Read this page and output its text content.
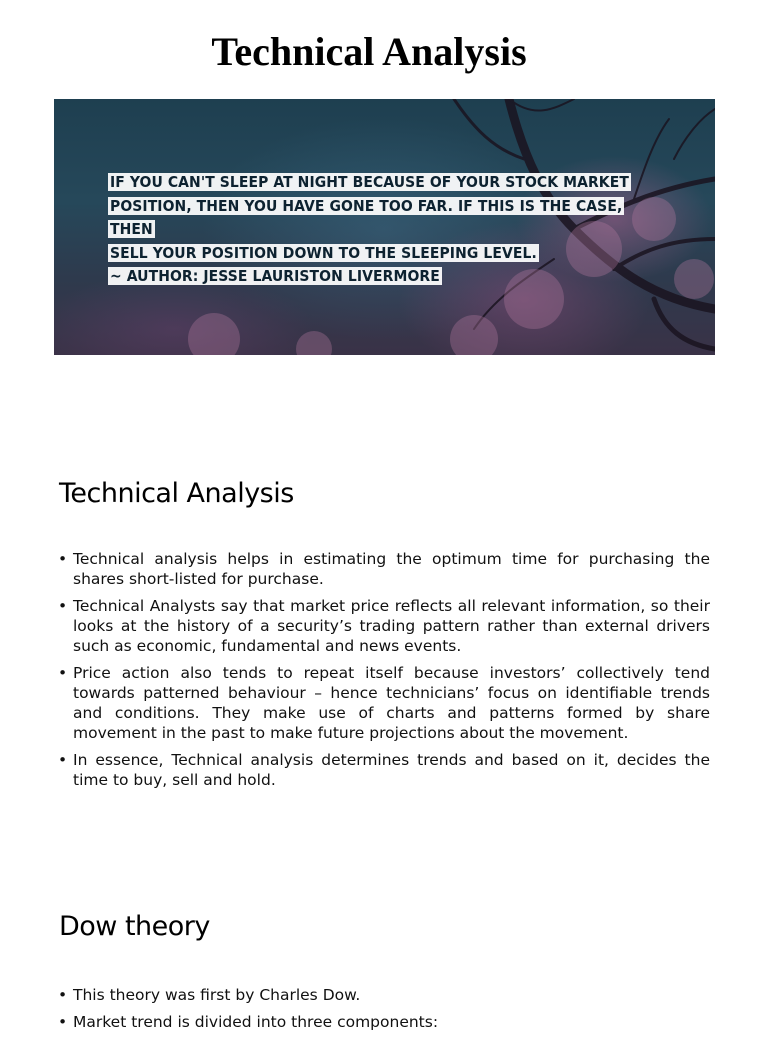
Technical Analysis
IF YOU CAN'T SLEEP AT NIGHT BECAUSE OF YOUR STOCK MARKET
POSITION, THEN YOU HAVE GONE TOO FAR. IF THIS IS THE CASE, THEN
SELL YOUR POSITION DOWN TO THE SLEEPING LEVEL.
~ AUTHOR: JESSE LAURISTON LIVERMORE
Technical Analysis
• Technical analysis helps in estimating the optimum time for purchasing the shares short-listed for purchase.
• Technical Analysts say that market price reflects all relevant information, so their looks at the history of a security’s trading pattern rather than external drivers such as economic, fundamental and news events.
• Price action also tends to repeat itself because investors’ collectively tend towards patterned behaviour – hence technicians’ focus on identifiable trends and conditions. They make use of charts and patterns formed by share movement in the past to make future projections about the movement.
• In essence, Technical analysis determines trends and based on it, decides the time to buy, sell and hold.
Dow theory
• This theory was first by Charles Dow.
• Market trend is divided into three components:
